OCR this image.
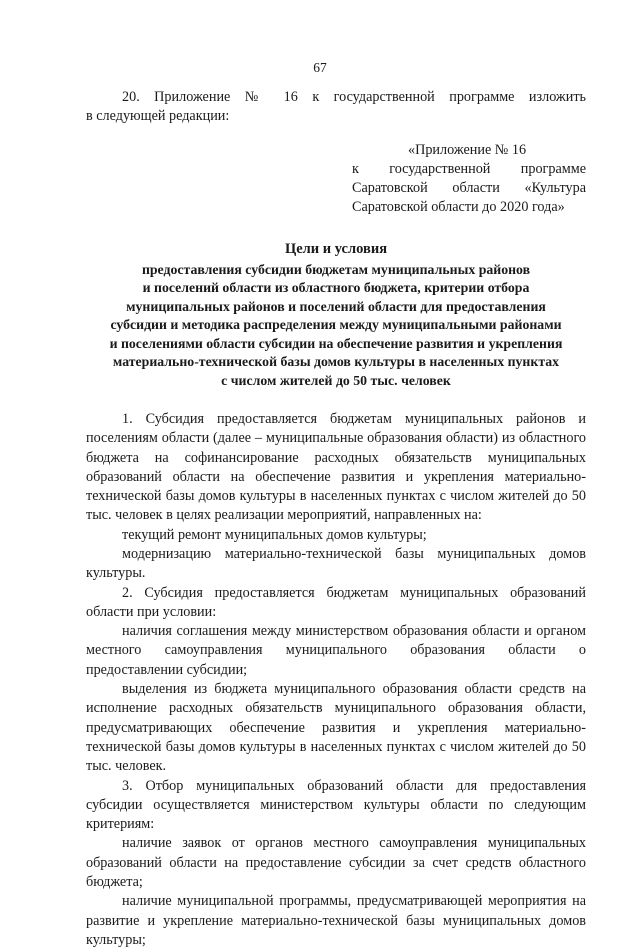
67

20. Приложение № 16 к государственной программе изложить

в следующей редакции:

«Приложение № 16
к государственной программе
Саратовской области «Культура
Саратовской области до 2020 года»
Цели и условия
предоставления субсидии бюджетам муниципальных районов
и поселений области из областного бюджета, критерии отбора
муниципальных районов и поселений области для предоставления
субсидии и методика распределения между муниципальными районами
и поселениями области субсидии на обеспечение развития и укрепления
материально-технической базы домов культуры в населенных пунктах
с числом жителей до 50 тыс. человек

1. Субсидия предоставляется бюджетам муниципальных районов и поселениям области (далее – муниципальные образования области) из областного бюджета на софинансирование расходных обязательств муниципальных образований области на обеспечение развития и укрепления материально-технической базы домов культуры в населенных пунктах с числом жителей до 50 тыс. человек в целях реализации мероприятий, направленных на:

текущий ремонт муниципальных домов культуры;

модернизацию материально-технической базы муниципальных домов культуры.

2. Субсидия предоставляется бюджетам муниципальных образований области при условии:

наличия соглашения между министерством образования области и органом местного самоуправления муниципального образования области о предоставлении субсидии;

выделения из бюджета муниципального образования области средств на исполнение расходных обязательств муниципального образования области, предусматривающих обеспечение развития и укрепления материально-технической базы домов культуры в населенных пунктах с числом жителей до 50 тыс. человек.

3. Отбор муниципальных образований области для предоставления субсидии осуществляется министерством культуры области по следующим критериям:

наличие заявок от органов местного самоуправления муниципальных образований области на предоставление субсидии за счет средств областного бюджета;

наличие муниципальной программы, предусматривающей мероприятия на развитие и укрепление материально-технической базы муниципальных домов культуры;
